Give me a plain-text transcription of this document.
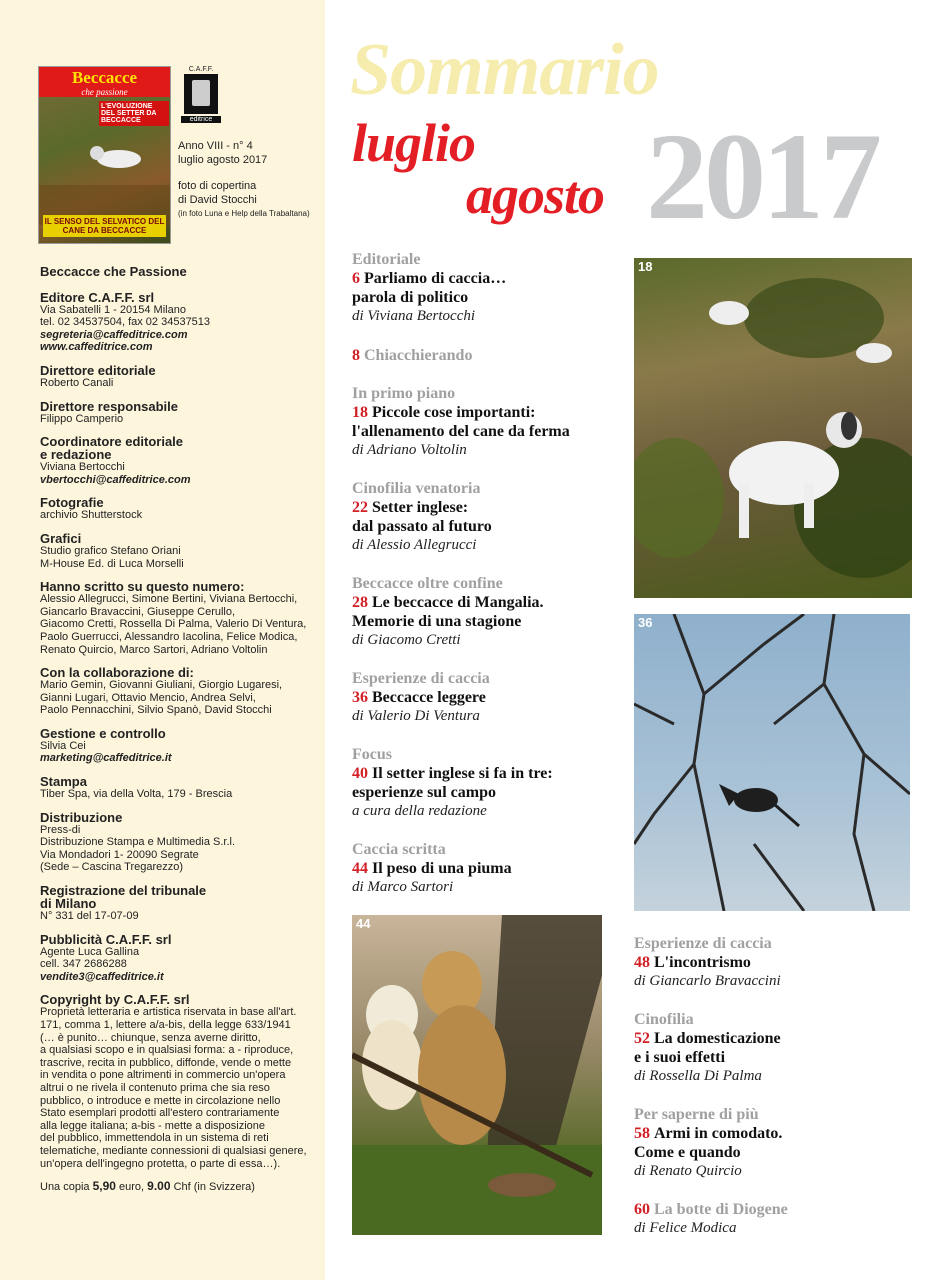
Beccacce
che passione
L'EVOLUZIONE DEL SETTER DA BECCACCE
IL SENSO DEL SELVATICO DEL CANE DA BECCACCE
C.A.F.F.
editrice
Anno VIII - n° 4
luglio agosto 2017
foto di copertina
di David Stocchi
(in foto Luna e Help della Trabaltana)
Beccacce che Passione
Editore C.A.F.F. srl
Via Sabatelli 1 - 20154 Milano
tel. 02 34537504, fax 02 34537513
segreteria@caffeditrice.com
www.caffeditrice.com
Direttore editoriale
Roberto Canali
Direttore responsabile
Filippo Camperio
Coordinatore editoriale
e redazione
Viviana Bertocchi
vbertocchi@caffeditrice.com
Fotografie
archivio Shutterstock
Grafici
Studio grafico Stefano Oriani
M-House Ed. di Luca Morselli
Hanno scritto su questo numero:
Alessio Allegrucci, Simone Bertini, Viviana Bertocchi,
Giancarlo Bravaccini, Giuseppe Cerullo,
Giacomo Cretti, Rossella Di Palma, Valerio Di Ventura,
Paolo Guerrucci, Alessandro Iacolina, Felice Modica,
Renato Quircio, Marco Sartori, Adriano Voltolin
Con la collaborazione di:
Mario Gemin, Giovanni Giuliani, Giorgio Lugaresi,
Gianni Lugari, Ottavio Mencio, Andrea Selvi,
Paolo Pennacchini, Silvio Spanò, David Stocchi
Gestione e controllo
Silvia Cei
marketing@caffeditrice.it
Stampa
Tiber Spa, via della Volta, 179 - Brescia
Distribuzione
Press-di
Distribuzione Stampa e Multimedia S.r.l.
Via Mondadori 1- 20090 Segrate
(Sede – Cascina Tregarezzo)
Registrazione del tribunale
di Milano
N° 331 del 17-07-09
Pubblicità C.A.F.F. srl
Agente Luca Gallina
cell. 347 2686288
vendite3@caffeditrice.it
Copyright by C.A.F.F. srl
Proprietà letteraria e artistica riservata in base all'art.
171, comma 1, lettere a/a-bis, della legge 633/1941
(… è punito… chiunque, senza averne diritto,
a qualsiasi scopo e in qualsiasi forma: a - riproduce,
trascrive, recita in pubblico, diffonde, vende o mette
in vendita o pone altrimenti in commercio un'opera
altrui o ne rivela il contenuto prima che sia reso
pubblico, o introduce e mette in circolazione nello
Stato esemplari prodotti all'estero contrariamente
alla legge italiana; a-bis - mette a disposizione
del pubblico, immettendola in un sistema di reti
telematiche, mediante connessioni di qualsiasi genere,
un'opera dell'ingegno protetta, o parte di essa…).
Una copia 5,90 euro, 9.00 Chf (in Svizzera)
Sommario
luglio
agosto 2017
Editoriale
6 Parliamo di caccia…
parola di politico
di Viviana Bertocchi
8 Chiacchierando
In primo piano
18 Piccole cose importanti:
l'allenamento del cane da ferma
di Adriano Voltolin
Cinofilia venatoria
22 Setter inglese:
dal passato al futuro
di Alessio Allegrucci
Beccacce oltre confine
28 Le beccacce di Mangalia.
Memorie di una stagione
di Giacomo Cretti
Esperienze di caccia
36 Beccacce leggere
di Valerio Di Ventura
Focus
40 Il setter inglese si fa in tre:
esperienze sul campo
a cura della redazione
Caccia scritta
44 Il peso di una piuma
di Marco Sartori
Esperienze di caccia
48 L'incontrismo
di Giancarlo Bravaccini
Cinofilia
52 La domesticazione
e i suoi effetti
di Rossella Di Palma
Per saperne di più
58 Armi in comodato.
Come e quando
di Renato Quircio
60 La botte di Diogene
di Felice Modica
18
36
44
